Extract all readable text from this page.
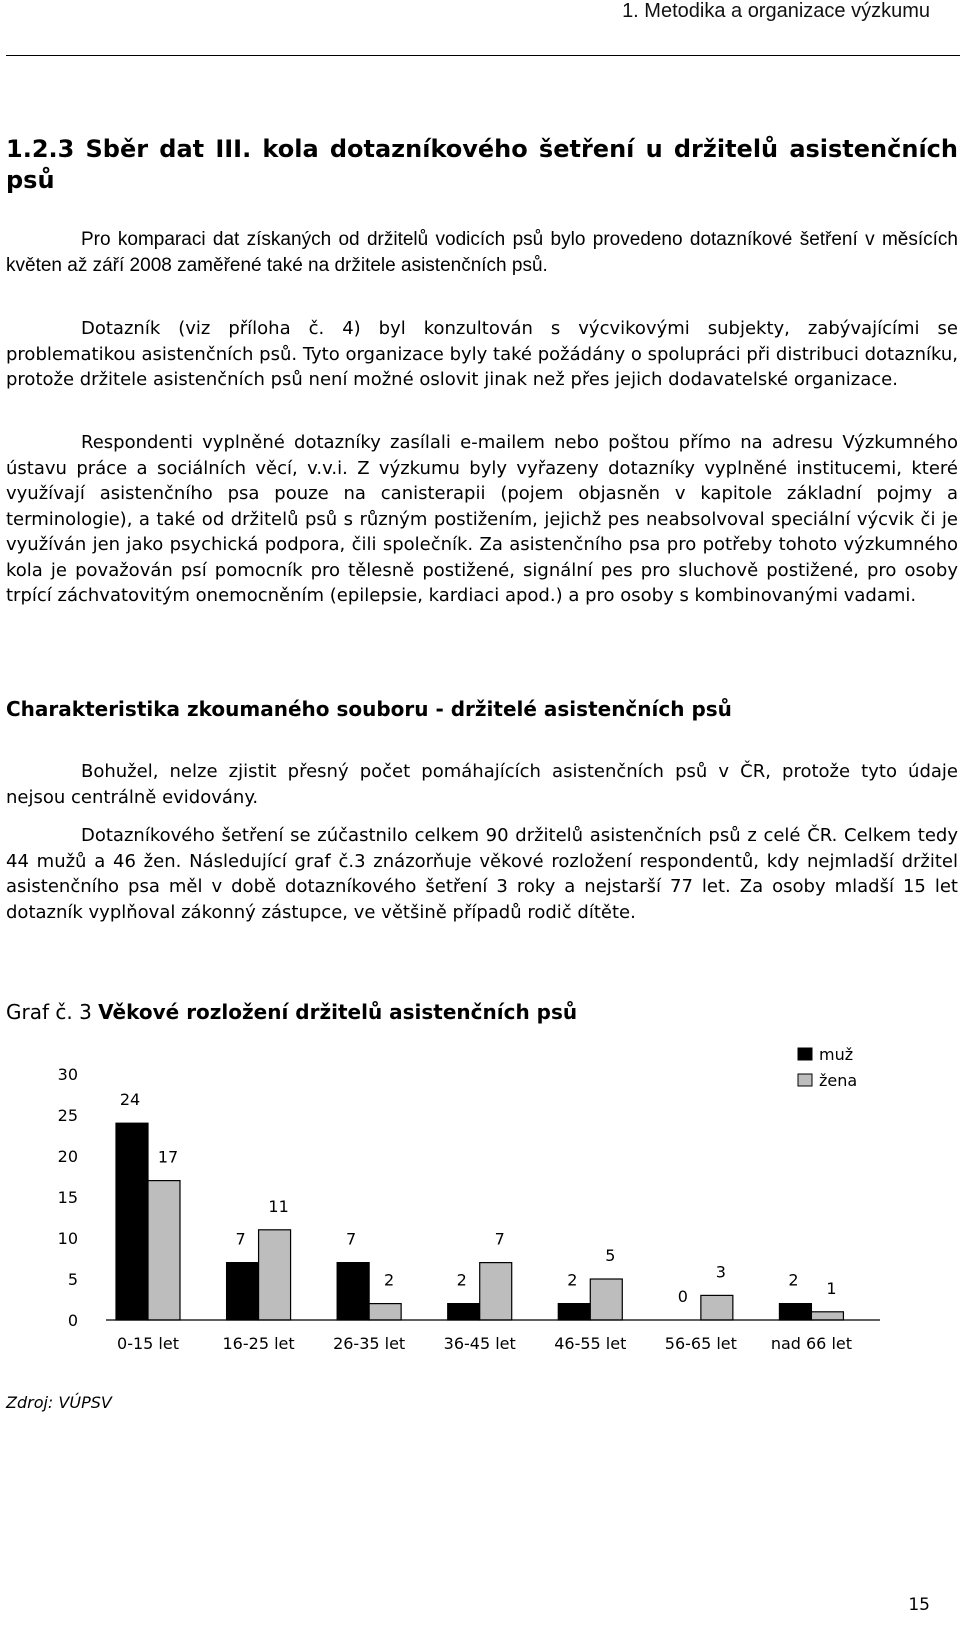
1. Metodika a organizace výzkumu
1.2.3 Sběr dat III. kola dotazníkového šetření u držitelů asistenčních psů

Pro komparaci dat získaných od držitelů vodicích psů bylo provedeno dotazníkové šetření v měsících květen až září 2008 zaměřené také na držitele asistenčních psů.

Dotazník (viz příloha č. 4) byl konzultován s výcvikovými subjekty, zabývajícími se problematikou asistenčních psů. Tyto organizace byly také požádány o spolupráci při distribuci dotazníku, protože držitele asistenčních psů není možné oslovit jinak než přes jejich dodavatelské organizace.

Respondenti vyplněné dotazníky zasílali e-mailem nebo poštou přímo na adresu Výzkumného ústavu práce a sociálních věcí, v.v.i. Z výzkumu byly vyřazeny dotazníky vyplněné institucemi, které využívají asistenčního psa pouze na canisterapii (pojem objasněn v kapitole základní pojmy a terminologie), a také od držitelů psů s různým postižením, jejichž pes neabsolvoval speciální výcvik či je využíván jen jako psychická podpora, čili společník. Za asistenčního psa pro potřeby tohoto výzkumného kola je považován psí pomocník pro tělesně postižené, signální pes pro sluchově postižené, pro osoby trpící záchvatovitým onemocněním (epilepsie, kardiaci apod.) a pro osoby s kombinovanými vadami.

Charakteristika zkoumaného souboru - držitelé asistenčních psů

Bohužel, nelze zjistit přesný počet pomáhajících asistenčních psů v ČR, protože tyto údaje nejsou centrálně evidovány.

Dotazníkového šetření se zúčastnilo celkem 90 držitelů asistenčních psů z celé ČR. Celkem tedy 44 mužů a 46 žen. Následující graf č.3 znázorňuje věkové rozložení respondentů, kdy nejmladší držitel asistenčního psa měl v době dotazníkového šetření 3 roky a nejstarší 77 let. Za osoby mladší 15 let dotazník vyplňoval zákonný zástupce, ve většině případů rodič dítěte.

Graf č. 3 Věkové rozložení držitelů asistenčních psů

0
5
10
15
20
25
30
24
7	7
2	2
0
2
17
11
2
7
5
3
1
0-15 let	16-25 let 26-35 let 36-45 let 46-55 let 56-65 let nad 66 let
muž
žena

Zdroj: VÚPSV

15
